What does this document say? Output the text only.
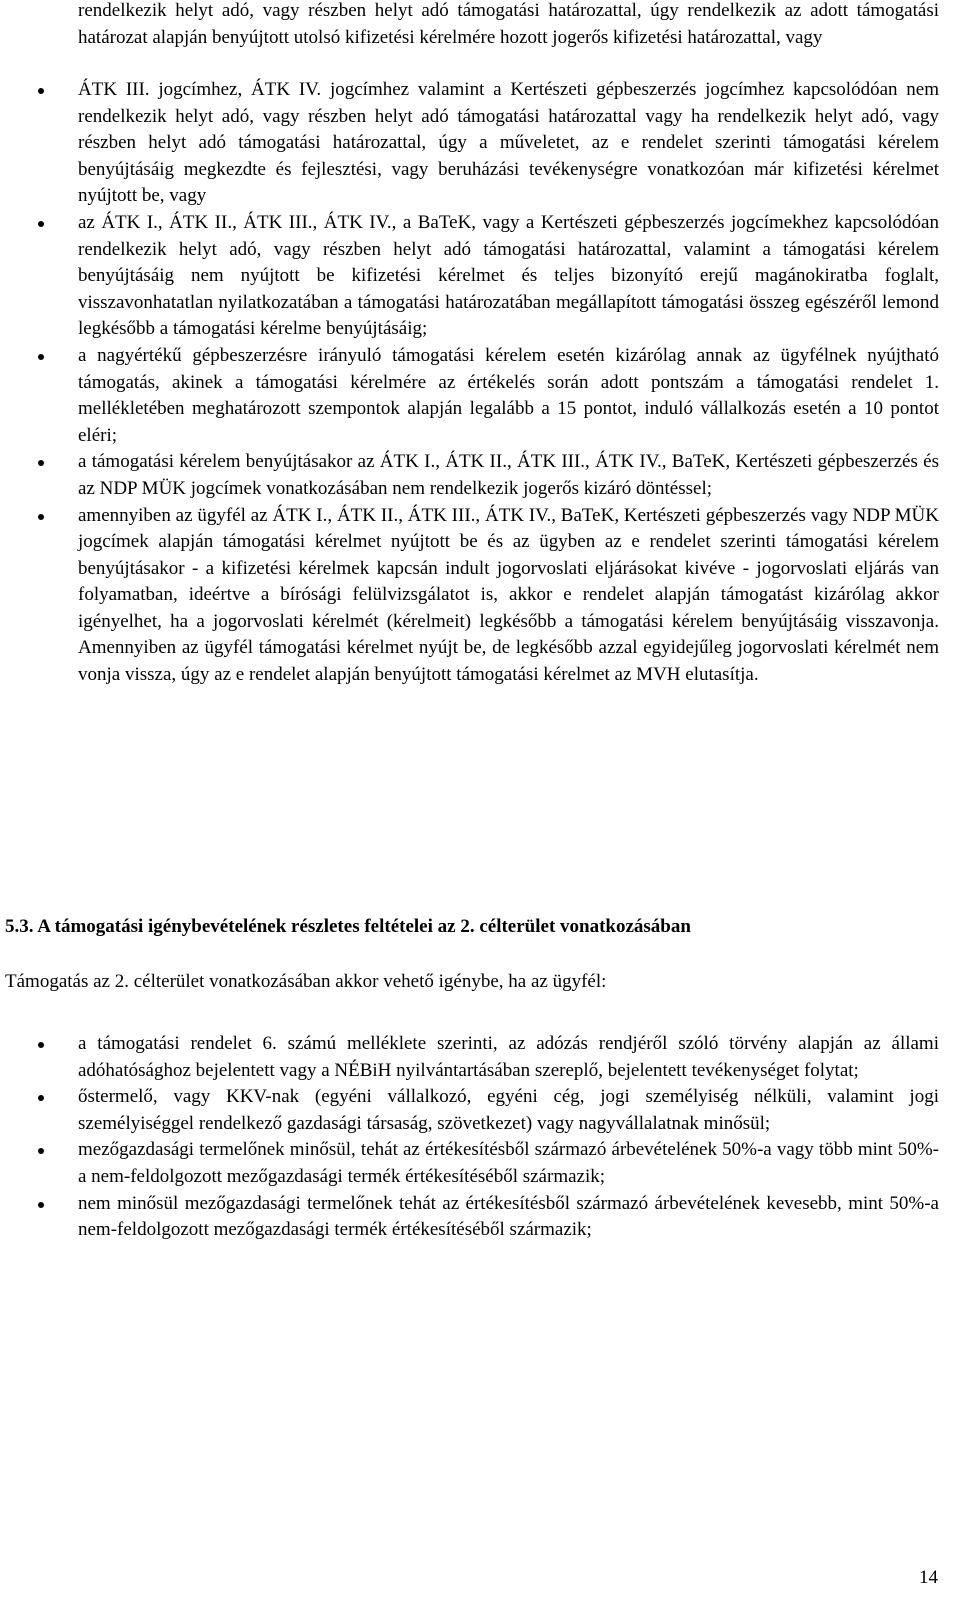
rendelkezik helyt adó, vagy részben helyt adó támogatási határozattal, úgy rendelkezik az adott támogatási határozat alapján benyújtott utolsó kifizetési kérelmére hozott jogerős kifizetési határozattal, vagy
ÁTK III. jogcímhez, ÁTK IV. jogcímhez valamint a Kertészeti gépbeszerzés jogcímhez kapcsolódóan nem rendelkezik helyt adó, vagy részben helyt adó támogatási határozattal vagy ha rendelkezik helyt adó, vagy részben helyt adó támogatási határozattal, úgy a műveletet, az e rendelet szerinti támogatási kérelem benyújtásáig megkezdte és fejlesztési, vagy beruházási tevékenységre vonatkozóan már kifizetési kérelmet nyújtott be, vagy
az ÁTK I., ÁTK II., ÁTK III., ÁTK IV., a BaTeK, vagy a Kertészeti gépbeszerzés jogcímekhez kapcsolódóan rendelkezik helyt adó, vagy részben helyt adó támogatási határozattal, valamint a támogatási kérelem benyújtásáig nem nyújtott be kifizetési kérelmet és teljes bizonyító erejű magánokiratba foglalt, visszavonhatatlan nyilatkozatában a támogatási határozatában megállapított támogatási összeg egészéről lemond legkésőbb a támogatási kérelme benyújtásáig;
a nagyértékű gépbeszerzésre irányuló támogatási kérelem esetén kizárólag annak az ügyfélnek nyújtható támogatás, akinek a támogatási kérelmére az értékelés során adott pontszám a támogatási rendelet 1. mellékletében meghatározott szempontok alapján legalább a 15 pontot, induló vállalkozás esetén a 10 pontot eléri;
a támogatási kérelem benyújtásakor az ÁTK I., ÁTK II., ÁTK III., ÁTK IV., BaTeK, Kertészeti gépbeszerzés és az NDP MÜK jogcímek vonatkozásában nem rendelkezik jogerős kizáró döntéssel;
amennyiben az ügyfél az ÁTK I., ÁTK II., ÁTK III., ÁTK IV., BaTeK, Kertészeti gépbeszerzés vagy NDP MÜK jogcímek alapján támogatási kérelmet nyújtott be és az ügyben az e rendelet szerinti támogatási kérelem benyújtásakor - a kifizetési kérelmek kapcsán indult jogorvoslati eljárásokat kivéve - jogorvoslati eljárás van folyamatban, ideértve a bírósági felülvizsgálatot is, akkor e rendelet alapján támogatást kizárólag akkor igényelhet, ha a jogorvoslati kérelmét (kérelmeit) legkésőbb a támogatási kérelem benyújtásáig visszavonja. Amennyiben az ügyfél támogatási kérelmet nyújt be, de legkésőbb azzal egyidejűleg jogorvoslati kérelmét nem vonja vissza, úgy az e rendelet alapján benyújtott támogatási kérelmet az MVH elutasítja.
5.3. A támogatási igénybevételének részletes feltételei az 2. célterület vonatkozásában
Támogatás az 2. célterület vonatkozásában akkor vehető igénybe, ha az ügyfél:
a támogatási rendelet 6. számú melléklete szerinti, az adózás rendjéről szóló törvény alapján az állami adóhatósághoz bejelentett vagy a NÉBiH nyilvántartásában szereplő, bejelentett tevékenységet folytat;
őstermelő, vagy KKV-nak (egyéni vállalkozó, egyéni cég, jogi személyiség nélküli, valamint jogi személyiséggel rendelkező gazdasági társaság, szövetkezet) vagy nagyvállalatnak minősül;
mezőgazdasági termelőnek minősül, tehát az értékesítésből származó árbevételének 50%-a vagy több mint 50%-a nem-feldolgozott mezőgazdasági termék értékesítéséből származik;
nem minősül mezőgazdasági termelőnek tehát az értékesítésből származó árbevételének kevesebb, mint 50%-a nem-feldolgozott mezőgazdasági termék értékesítéséből származik;
14
